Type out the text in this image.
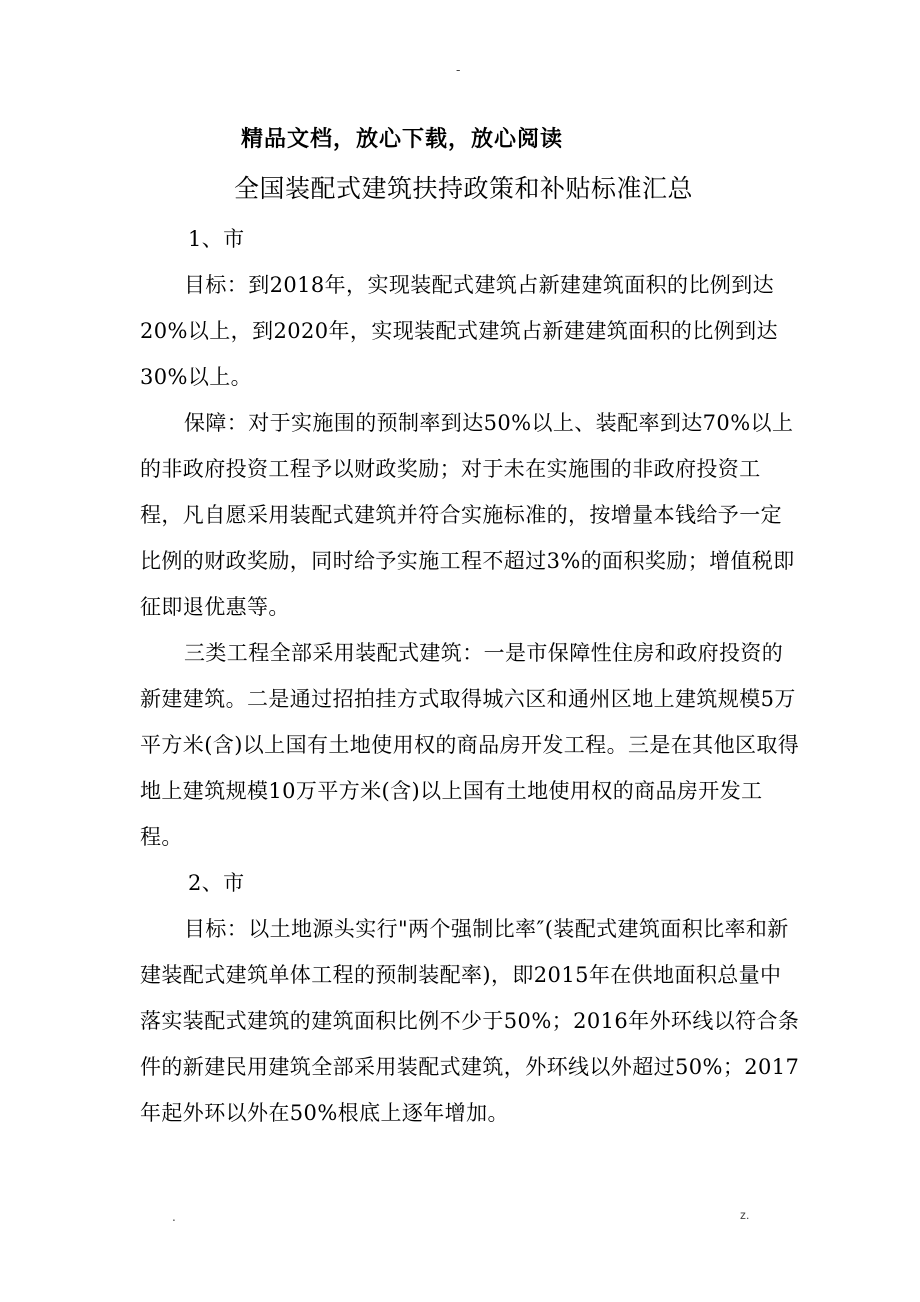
-
精品文档，放心下载，放心阅读
全国装配式建筑扶持政策和补贴标准汇总

1、市

目标：到2018年，实现装配式建筑占新建建筑面积的比例到达20%以上，到2020年，实现装配式建筑占新建建筑面积的比例到达30%以上。

保障：对于实施围的预制率到达50%以上、装配率到达70%以上的非政府投资工程予以财政奖励；对于未在实施围的非政府投资工程，凡自愿采用装配式建筑并符合实施标准的，按增量本钱给予一定比例的财政奖励，同时给予实施工程不超过3%的面积奖励；增值税即征即退优惠等。

三类工程全部采用装配式建筑：一是市保障性住房和政府投资的新建建筑。二是通过招拍挂方式取得城六区和通州区地上建筑规模5万平方米(含)以上国有土地使用权的商品房开发工程。三是在其他区取得地上建筑规模10万平方米(含)以上国有土地使用权的商品房开发工程。

2、市

目标：以土地源头实行"两个强制比率″(装配式建筑面积比率和新建装配式建筑单体工程的预制装配率)，即2015年在供地面积总量中落实装配式建筑的建筑面积比例不少于50%；2016年外环线以符合条件的新建民用建筑全部采用装配式建筑，外环线以外超过50%；2017年起外环以外在50%根底上逐年增加。

.	z.
